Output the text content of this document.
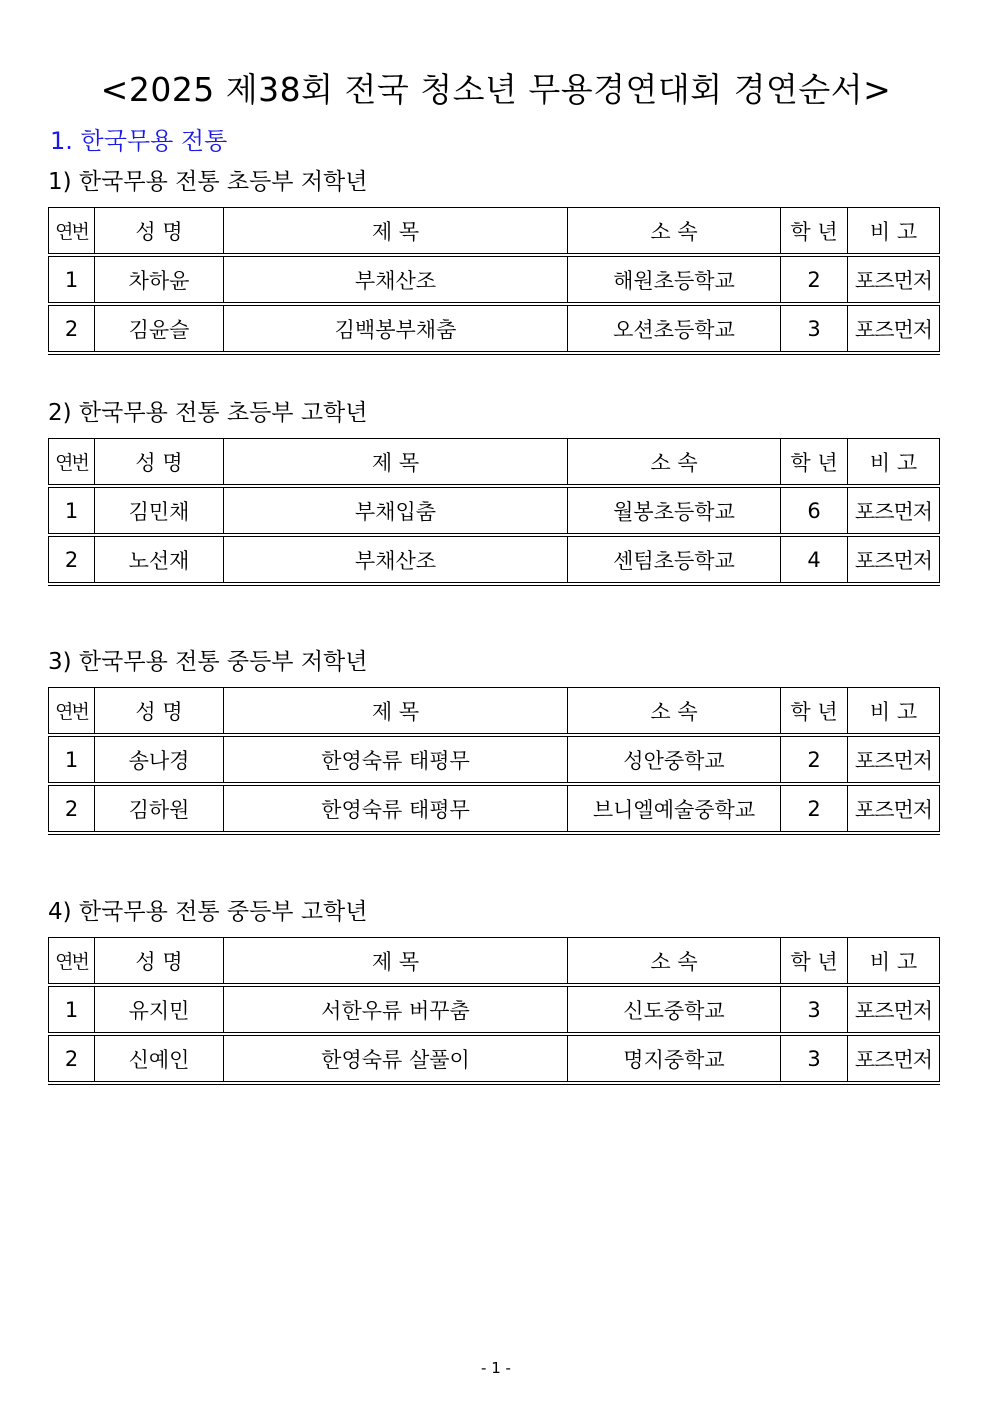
<2025 제38회 전국 청소년 무용경연대회 경연순서>
1. 한국무용 전통
1) 한국무용 전통 초등부 저학년
연번	성 명	제 목	소 속	학 년	비 고
1	차하윤	부채산조	해원초등학교	2	포즈먼저
2	김윤슬	김백봉부채춤	오션초등학교	3	포즈먼저
2) 한국무용 전통 초등부 고학년
연번	성 명	제 목	소 속	학 년	비 고
1	김민채	부채입춤	월봉초등학교	6	포즈먼저
2	노선재	부채산조	센텀초등학교	4	포즈먼저
3) 한국무용 전통 중등부 저학년
연번	성 명	제 목	소 속	학 년	비 고
1	송나경	한영숙류 태평무	성안중학교	2	포즈먼저
2	김하원	한영숙류 태평무	브니엘예술중학교	2	포즈먼저
4) 한국무용 전통 중등부 고학년
연번	성 명	제 목	소 속	학 년	비 고
1	유지민	서한우류 버꾸춤	신도중학교	3	포즈먼저
2	신예인	한영숙류 살풀이	명지중학교	3	포즈먼저
- 1 -
